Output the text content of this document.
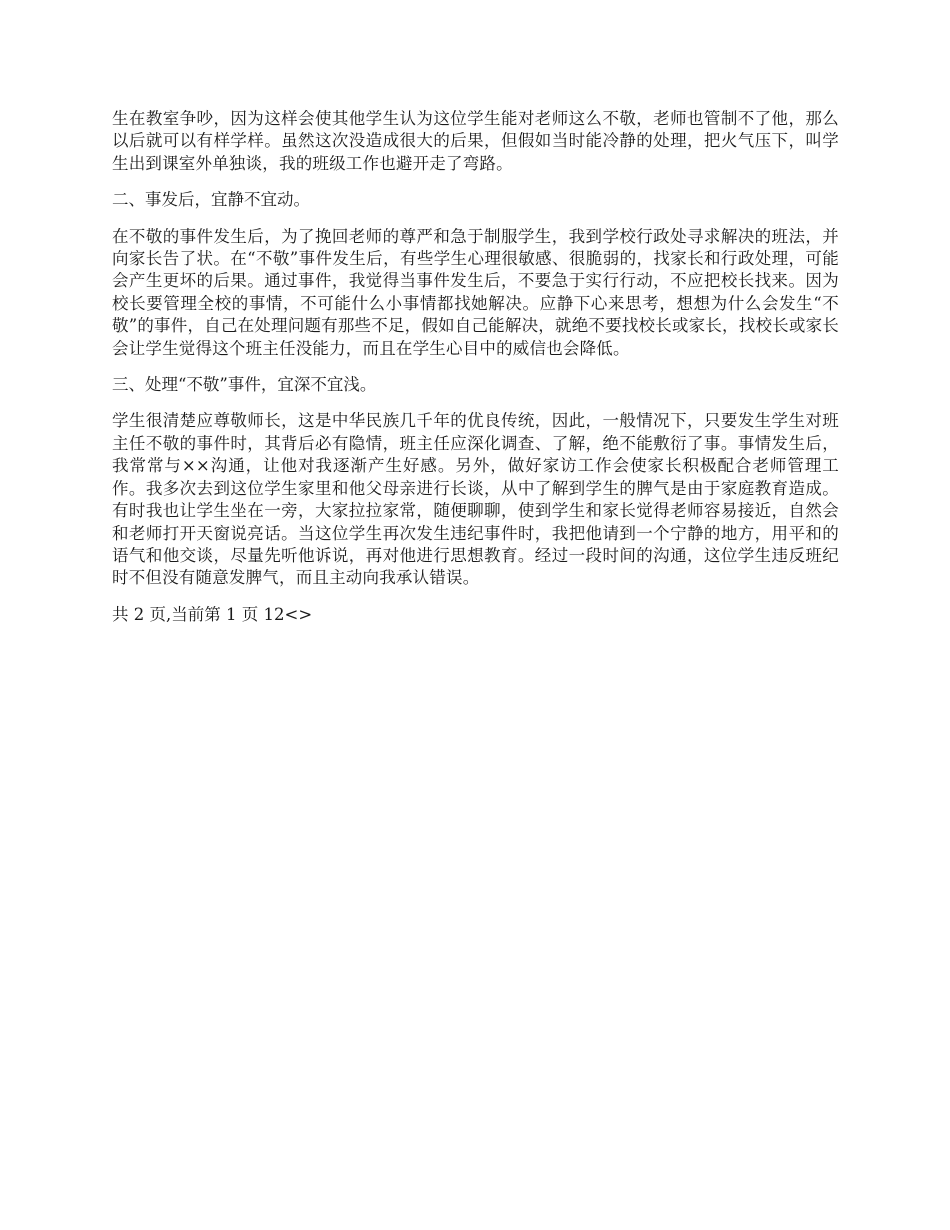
生在教室争吵，因为这样会使其他学生认为这位学生能对老师这么不敬，老师也管制不了他，那么以后就可以有样学样。虽然这次没造成很大的后果，但假如当时能冷静的处理，把火气压下，叫学生出到课室外单独谈，我的班级工作也避开走了弯路。

二、事发后，宜静不宜动。

在不敬的事件发生后，为了挽回老师的尊严和急于制服学生，我到学校行政处寻求解决的班法，并向家长告了状。在“不敬”事件发生后，有些学生心理很敏感、很脆弱的，找家长和行政处理，可能会产生更坏的后果。通过事件，我觉得当事件发生后，不要急于实行行动，不应把校长找来。因为校长要管理全校的事情，不可能什么小事情都找她解决。应静下心来思考，想想为什么会发生“不敬”的事件，自己在处理问题有那些不足，假如自己能解决，就绝不要找校长或家长，找校长或家长会让学生觉得这个班主任没能力，而且在学生心目中的威信也会降低。

三、处理“不敬”事件，宜深不宜浅。

学生很清楚应尊敬师长，这是中华民族几千年的优良传统，因此，一般情况下，只要发生学生对班主任不敬的事件时，其背后必有隐情，班主任应深化调查、了解，绝不能敷衍了事。事情发生后，我常常与××沟通，让他对我逐渐产生好感。另外，做好家访工作会使家长积极配合老师管理工作。我多次去到这位学生家里和他父母亲进行长谈，从中了解到学生的脾气是由于家庭教育造成。有时我也让学生坐在一旁，大家拉拉家常，随便聊聊，使到学生和家长觉得老师容易接近，自然会和老师打开天窗说亮话。当这位学生再次发生违纪事件时，我把他请到一个宁静的地方，用平和的语气和他交谈，尽量先听他诉说，再对他进行思想教育。经过一段时间的沟通，这位学生违反班纪时不但没有随意发脾气，而且主动向我承认错误。

共 2 页,当前第 1 页 12<>
